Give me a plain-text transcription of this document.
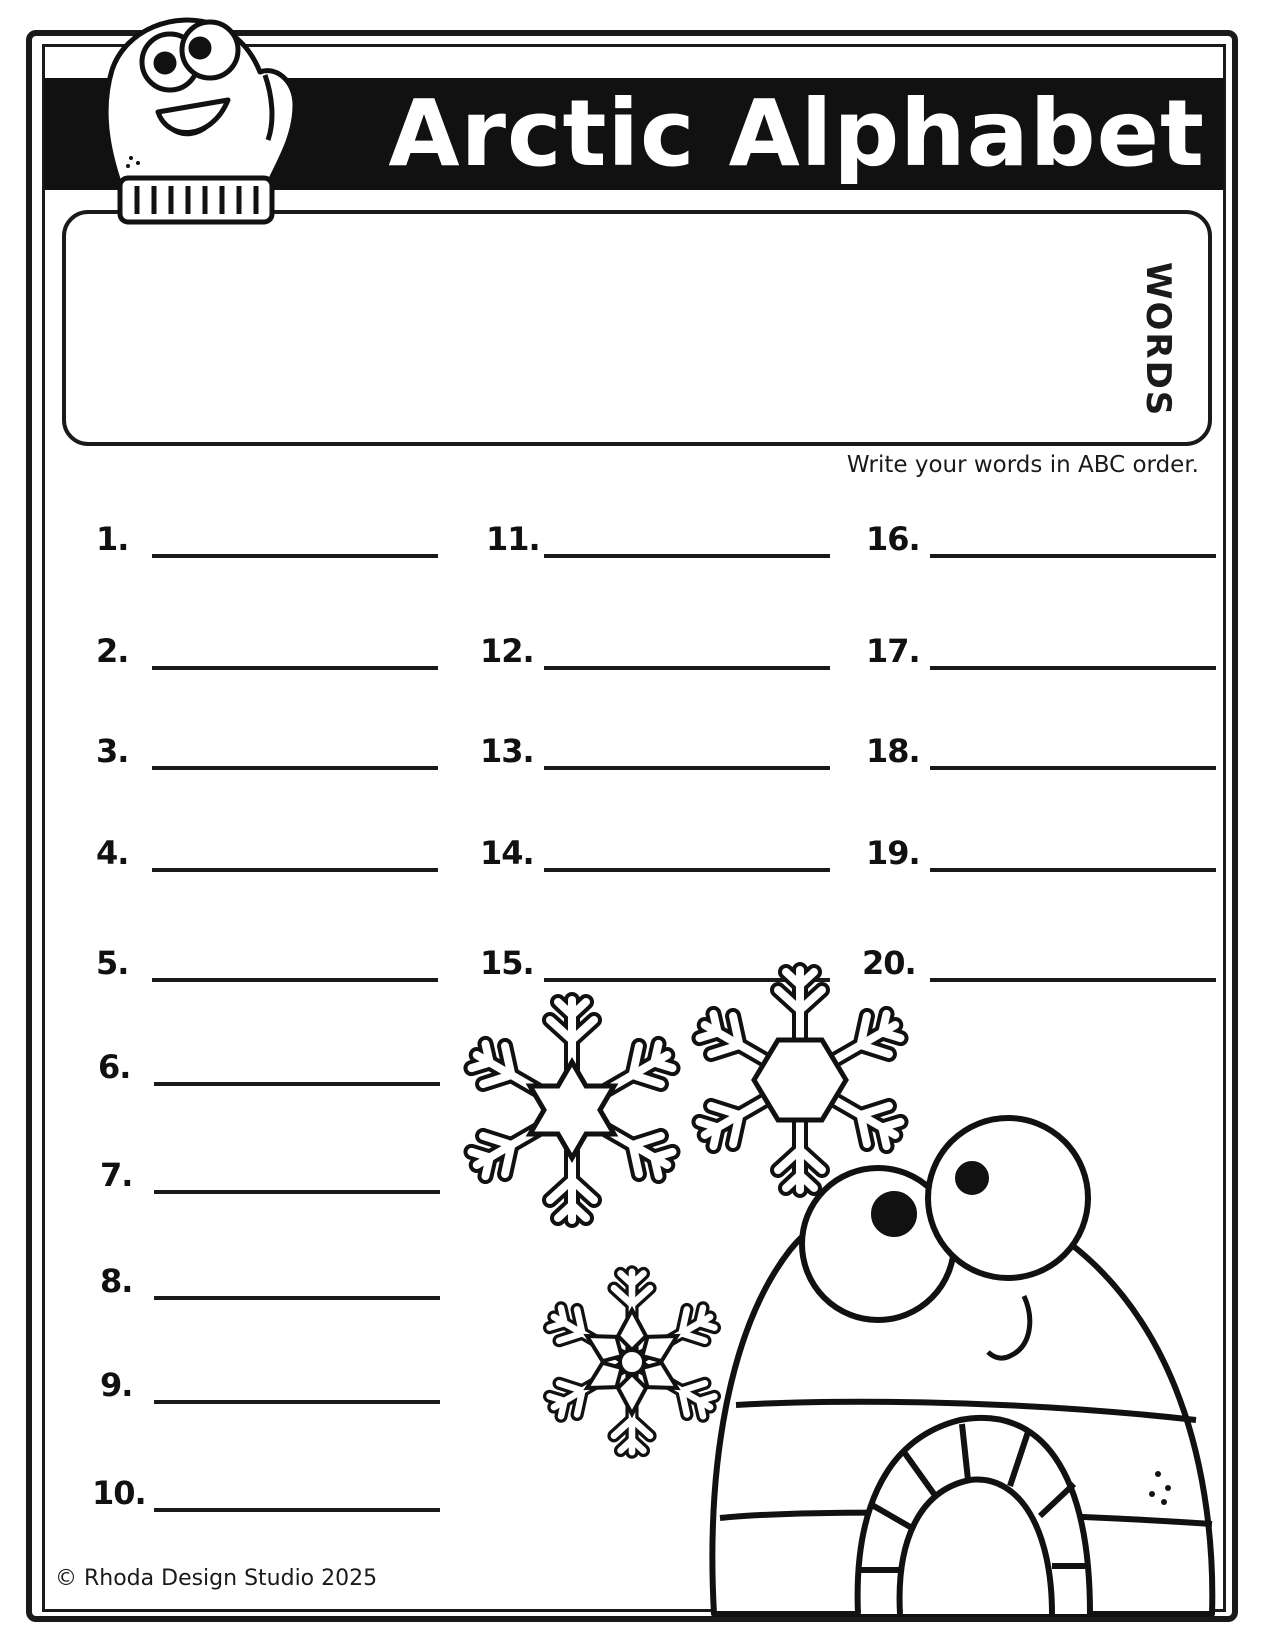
Arctic Alphabet
WORDS
Write your words in ABC order.
1.
2.
3.
4.
5.
6.
7.
8.
9.
10.
11.
12.
13.
14.
15.
16.
17.
18.
19.
20.
© Rhoda Design Studio 2025
